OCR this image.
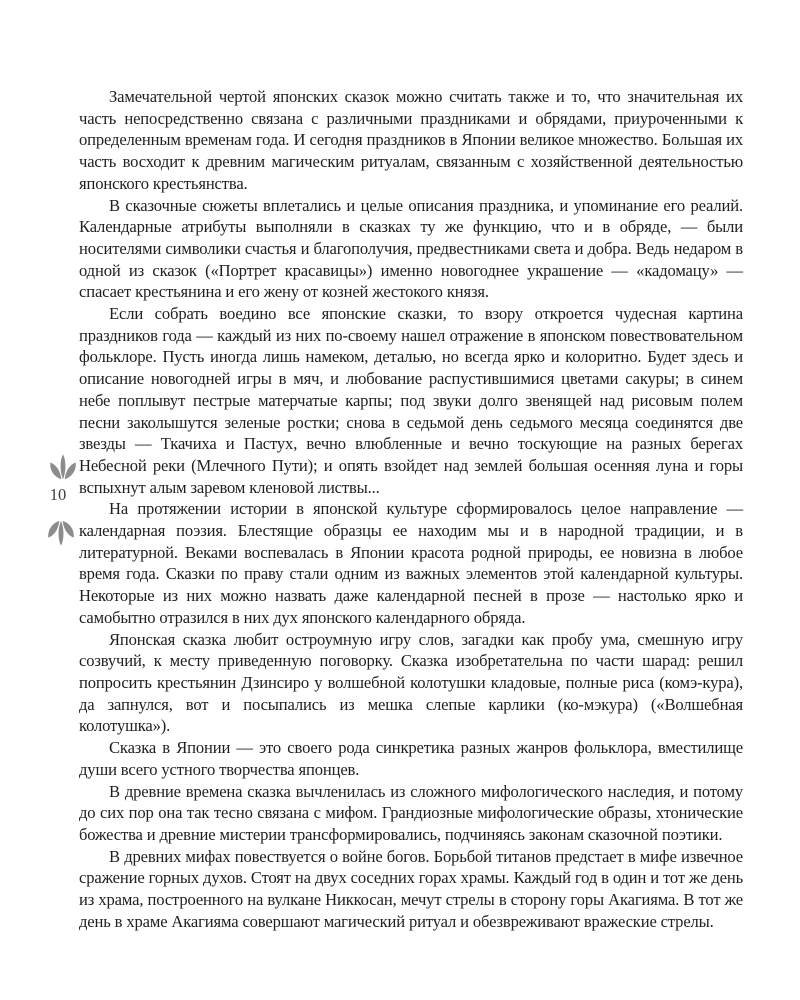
10

Замечательной чертой японских сказок можно считать также и то, что значительная их часть непосредственно связана с различными праздниками и обрядами, приуроченными к определенным временам года. И сегодня праздников в Японии великое множество. Большая их часть восходит к древним магическим ритуалам, связанным с хозяйственной деятельностью японского крестьянства.

В сказочные сюжеты вплетались и целые описания праздника, и упоминание его реалий. Календарные атрибуты выполняли в сказках ту же функцию, что и в обряде, — были носителями символики счастья и благополучия, предвестниками света и добра. Ведь недаром в одной из сказок («Портрет красавицы») именно новогоднее украшение — «кадомацу» — спасает крестьянина и его жену от козней жестокого князя.

Если собрать воедино все японские сказки, то взору откроется чудесная картина праздников года — каждый из них по-своему нашел отражение в японском повествовательном фольклоре. Пусть иногда лишь намеком, деталью, но всегда ярко и колоритно. Будет здесь и описание новогодней игры в мяч, и любование распустившимися цветами сакуры; в синем небе поплывут пестрые матерчатые карпы; под звуки долго звенящей над рисовым полем песни заколышутся зеленые ростки; снова в седьмой день седьмого месяца соединятся две звезды — Ткачиха и Пастух, вечно влюбленные и вечно тоскующие на разных берегах Небесной реки (Млечного Пути); и опять взойдет над землей большая осенняя луна и горы вспыхнут алым заревом кленовой листвы...

На протяжении истории в японской культуре сформировалось целое направление — календарная поэзия. Блестящие образцы ее находим мы и в народной традиции, и в литературной. Веками воспевалась в Японии красота родной природы, ее новизна в любое время года. Сказки по праву стали одним из важных элементов этой календарной культуры. Некоторые из них можно назвать даже календарной песней в прозе — настолько ярко и самобытно отразился в них дух японского календарного обряда.

Японская сказка любит остроумную игру слов, загадки как пробу ума, смешную игру созвучий, к месту приведенную поговорку. Сказка изобретательна по части шарад: решил попросить крестьянин Дзинсиро у волшебной колотушки кладовые, полные риса (комэ-кура), да запнулся, вот и посыпались из мешка слепые карлики (ко-мэкура) («Волшебная колотушка»).

Сказка в Японии — это своего рода синкретика разных жанров фольклора, вместилище души всего устного творчества японцев.

В древние времена сказка вычленилась из сложного мифологического наследия, и потому до сих пор она так тесно связана с мифом. Грандиозные мифологические образы, хтонические божества и древние мистерии трансформировались, подчиняясь законам сказочной поэтики.

В древних мифах повествуется о войне богов. Борьбой титанов предстает в мифе извечное сражение горных духов. Стоят на двух соседних горах храмы. Каждый год в один и тот же день из храма, построенного на вулкане Никкосан, мечут стрелы в сторону горы Акагияма. В тот же день в храме Акагияма совершают магический ритуал и обезвреживают вражеские стрелы.
